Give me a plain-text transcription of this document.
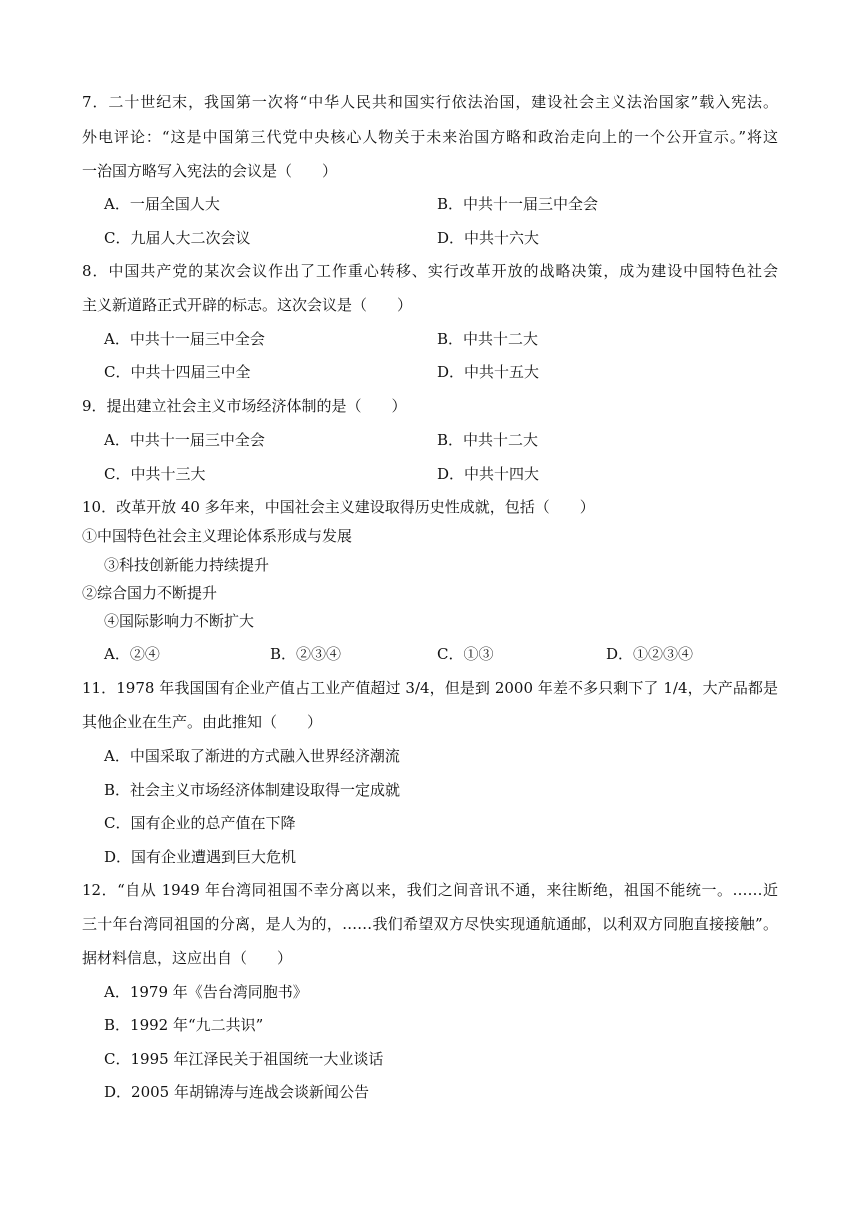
7．二十世纪末，我国第一次将“中华人民共和国实行依法治国，建设社会主义法治国家”载入宪法。
外电评论：“这是中国第三代党中央核心人物关于未来治国方略和政治走向上的一个公开宣示。”将这
一治国方略写入宪法的会议是（　　）
A．一届全国人大	B．中共十一届三中全会
C．九届人大二次会议	D．中共十六大
8．中国共产党的某次会议作出了工作重心转移、实行改革开放的战略决策，成为建设中国特色社会
主义新道路正式开辟的标志。这次会议是（　　）
A．中共十一届三中全会	B．中共十二大
C．中共十四届三中全	D．中共十五大
9．提出建立社会主义市场经济体制的是（　　）
A．中共十一届三中全会	B．中共十二大
C．中共十三大	D．中共十四大
10．改革开放 40 多年来，中国社会主义建设取得历史性成就，包括（　　）
①中国特色社会主义理论体系形成与发展
③科技创新能力持续提升
②综合国力不断提升
④国际影响力不断扩大
A．②④	B．②③④	C．①③	D．①②③④
11．1978 年我国国有企业产值占工业产值超过 3/4，但是到 2000 年差不多只剩下了 1/4，大产品都是
其他企业在生产。由此推知（　　）
A．中国采取了渐进的方式融入世界经济潮流
B．社会主义市场经济体制建设取得一定成就
C．国有企业的总产值在下降
D．国有企业遭遇到巨大危机
12．“自从 1949 年台湾同祖国不幸分离以来，我们之间音讯不通，来往断绝，祖国不能统一。……近
三十年台湾同祖国的分离，是人为的，……我们希望双方尽快实现通航通邮，以利双方同胞直接接触”。
据材料信息，这应出自（　　）
A．1979 年《告台湾同胞书》
B．1992 年“九二共识”
C．1995 年江泽民关于祖国统一大业谈话
D．2005 年胡锦涛与连战会谈新闻公告
